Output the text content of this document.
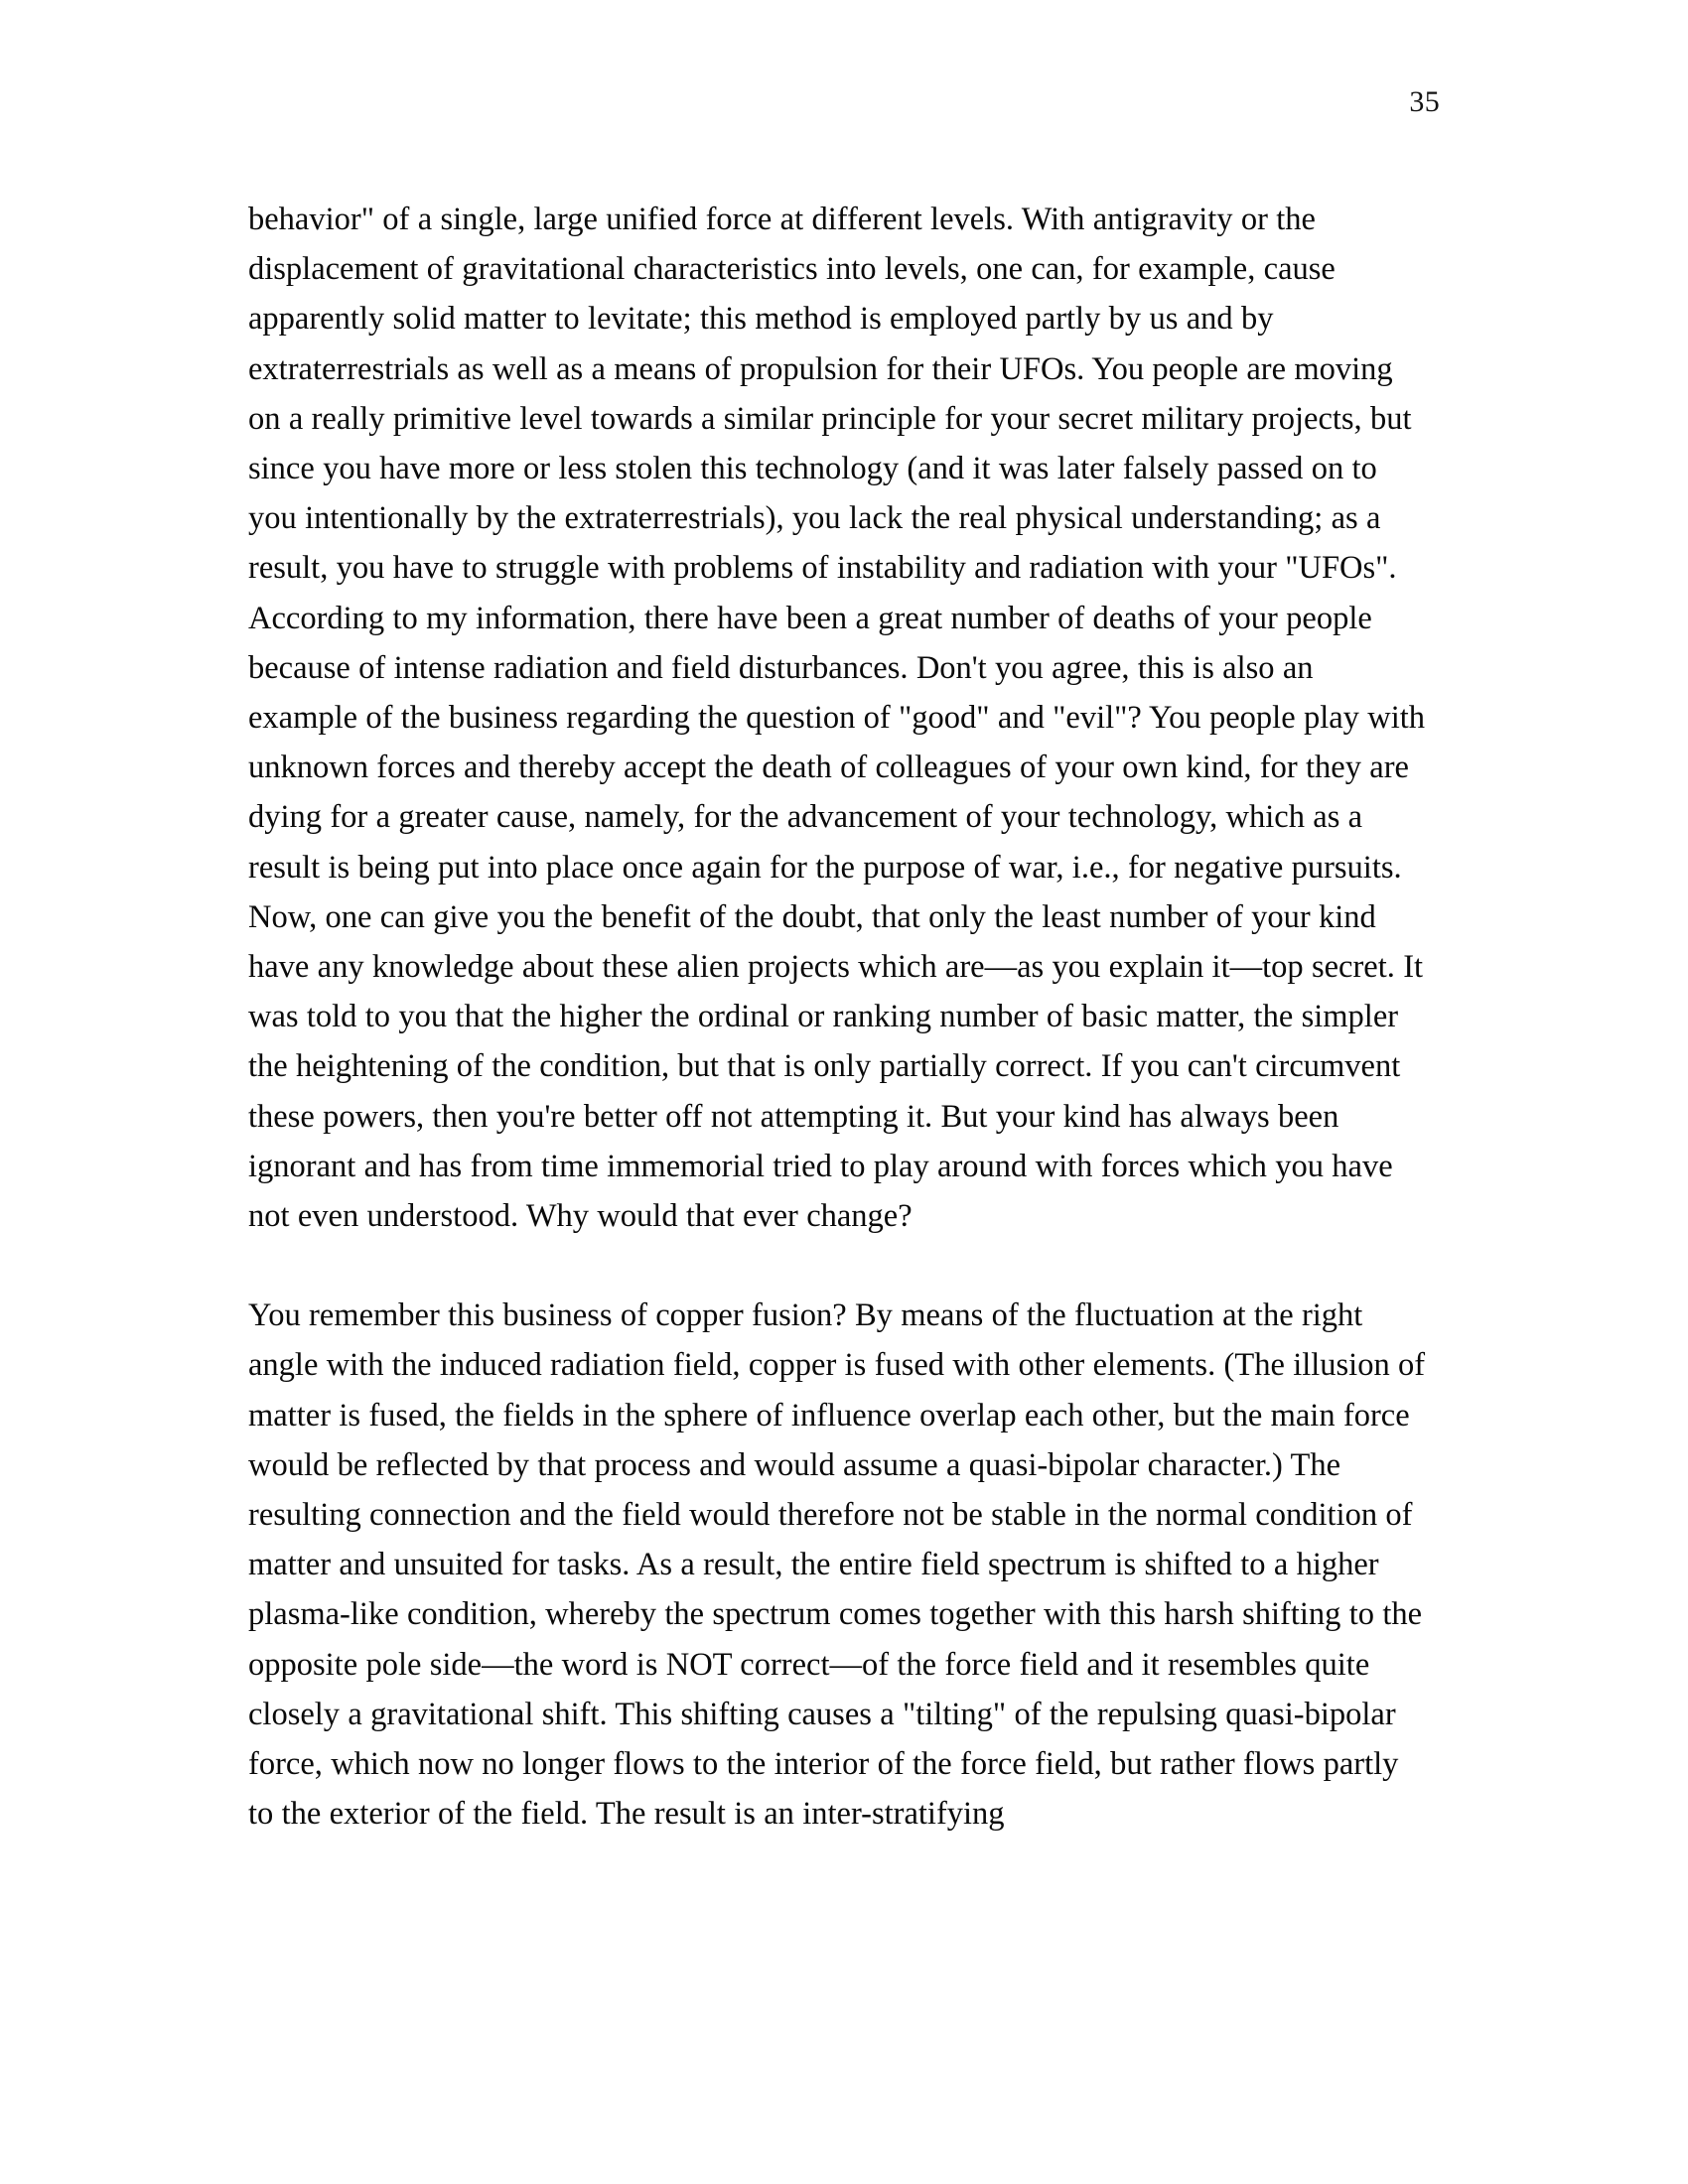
35

behavior" of a single, large unified force at different levels. With antigravity or the displacement of gravitational characteristics into levels, one can, for example, cause apparently solid matter to levitate; this method is employed partly by us and by extraterrestrials as well as a means of propulsion for their UFOs. You people are moving on a really primitive level towards a similar principle for your secret military projects, but since you have more or less stolen this technology (and it was later falsely passed on to you intentionally by the extraterrestrials), you lack the real physical understanding; as a result, you have to struggle with problems of instability and radiation with your "UFOs". According to my information, there have been a great number of deaths of your people because of intense radiation and field disturbances. Don't you agree, this is also an example of the business regarding the question of "good" and "evil"? You people play with unknown forces and thereby accept the death of colleagues of your own kind, for they are dying for a greater cause, namely, for the advancement of your technology, which as a result is being put into place once again for the purpose of war, i.e., for negative pursuits. Now, one can give you the benefit of the doubt, that only the least number of your kind have any knowledge about these alien projects which are—as you explain it—top secret. It was told to you that the higher the ordinal or ranking number of basic matter, the simpler the heightening of the condition, but that is only partially correct. If you can't circumvent these powers, then you're better off not attempting it. But your kind has always been ignorant and has from time immemorial tried to play around with forces which you have not even understood. Why would that ever change?

You remember this business of copper fusion? By means of the fluctuation at the right angle with the induced radiation field, copper is fused with other elements. (The illusion of matter is fused, the fields in the sphere of influence overlap each other, but the main force would be reflected by that process and would assume a quasi-bipolar character.) The resulting connection and the field would therefore not be stable in the normal condition of matter and unsuited for tasks. As a result, the entire field spectrum is shifted to a higher plasma-like condition, whereby the spectrum comes together with this harsh shifting to the opposite pole side—the word is NOT correct—of the force field and it resembles quite closely a gravitational shift. This shifting causes a "tilting" of the repulsing quasi-bipolar force, which now no longer flows to the interior of the force field, but rather flows partly to the exterior of the field. The result is an inter-stratifying
